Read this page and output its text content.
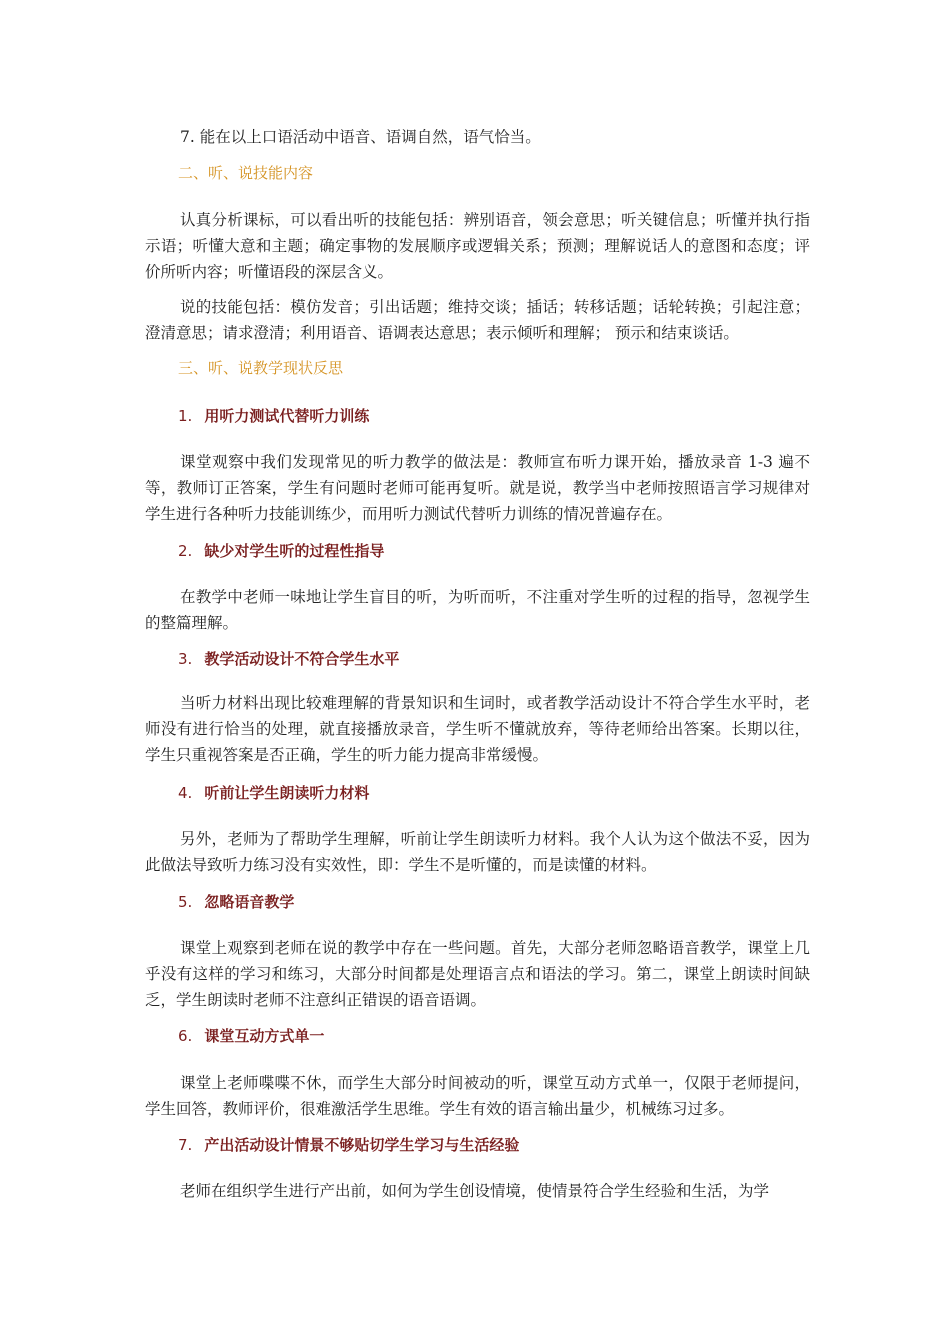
7. 能在以上口语活动中语音、语调自然，语气恰当。
二、听、说技能内容
认真分析课标，可以看出听的技能包括：辨别语音，领会意思；听关键信息；听懂并执行指示语；听懂大意和主题；确定事物的发展顺序或逻辑关系；预测；理解说话人的意图和态度；评价所听内容；听懂语段的深层含义。
说的技能包括：模仿发音；引出话题；维持交谈；插话；转移话题；话轮转换；引起注意；澄清意思；请求澄清；利用语音、语调表达意思；表示倾听和理解； 预示和结束谈话。
三、听、说教学现状反思
1. 用听力测试代替听力训练
课堂观察中我们发现常见的听力教学的做法是：教师宣布听力课开始，播放录音 1-3 遍不等，教师订正答案，学生有问题时老师可能再复听。就是说，教学当中老师按照语言学习规律对学生进行各种听力技能训练少，而用听力测试代替听力训练的情况普遍存在。
2. 缺少对学生听的过程性指导
在教学中老师一味地让学生盲目的听，为听而听，不注重对学生听的过程的指导，忽视学生的整篇理解。
3. 教学活动设计不符合学生水平
当听力材料出现比较难理解的背景知识和生词时，或者教学活动设计不符合学生水平时，老师没有进行恰当的处理，就直接播放录音，学生听不懂就放弃，等待老师给出答案。长期以往，学生只重视答案是否正确，学生的听力能力提高非常缓慢。
4. 听前让学生朗读听力材料
另外，老师为了帮助学生理解，听前让学生朗读听力材料。我个人认为这个做法不妥，因为此做法导致听力练习没有实效性，即：学生不是听懂的，而是读懂的材料。
5. 忽略语音教学
课堂上观察到老师在说的教学中存在一些问题。首先，大部分老师忽略语音教学，课堂上几乎没有这样的学习和练习，大部分时间都是处理语言点和语法的学习。第二，课堂上朗读时间缺乏，学生朗读时老师不注意纠正错误的语音语调。
6. 课堂互动方式单一
课堂上老师喋喋不休，而学生大部分时间被动的听，课堂互动方式单一，仅限于老师提问，学生回答，教师评价，很难激活学生思维。学生有效的语言输出量少，机械练习过多。
7. 产出活动设计情景不够贴切学生学习与生活经验
老师在组织学生进行产出前，如何为学生创设情境，使情景符合学生经验和生活，为学
